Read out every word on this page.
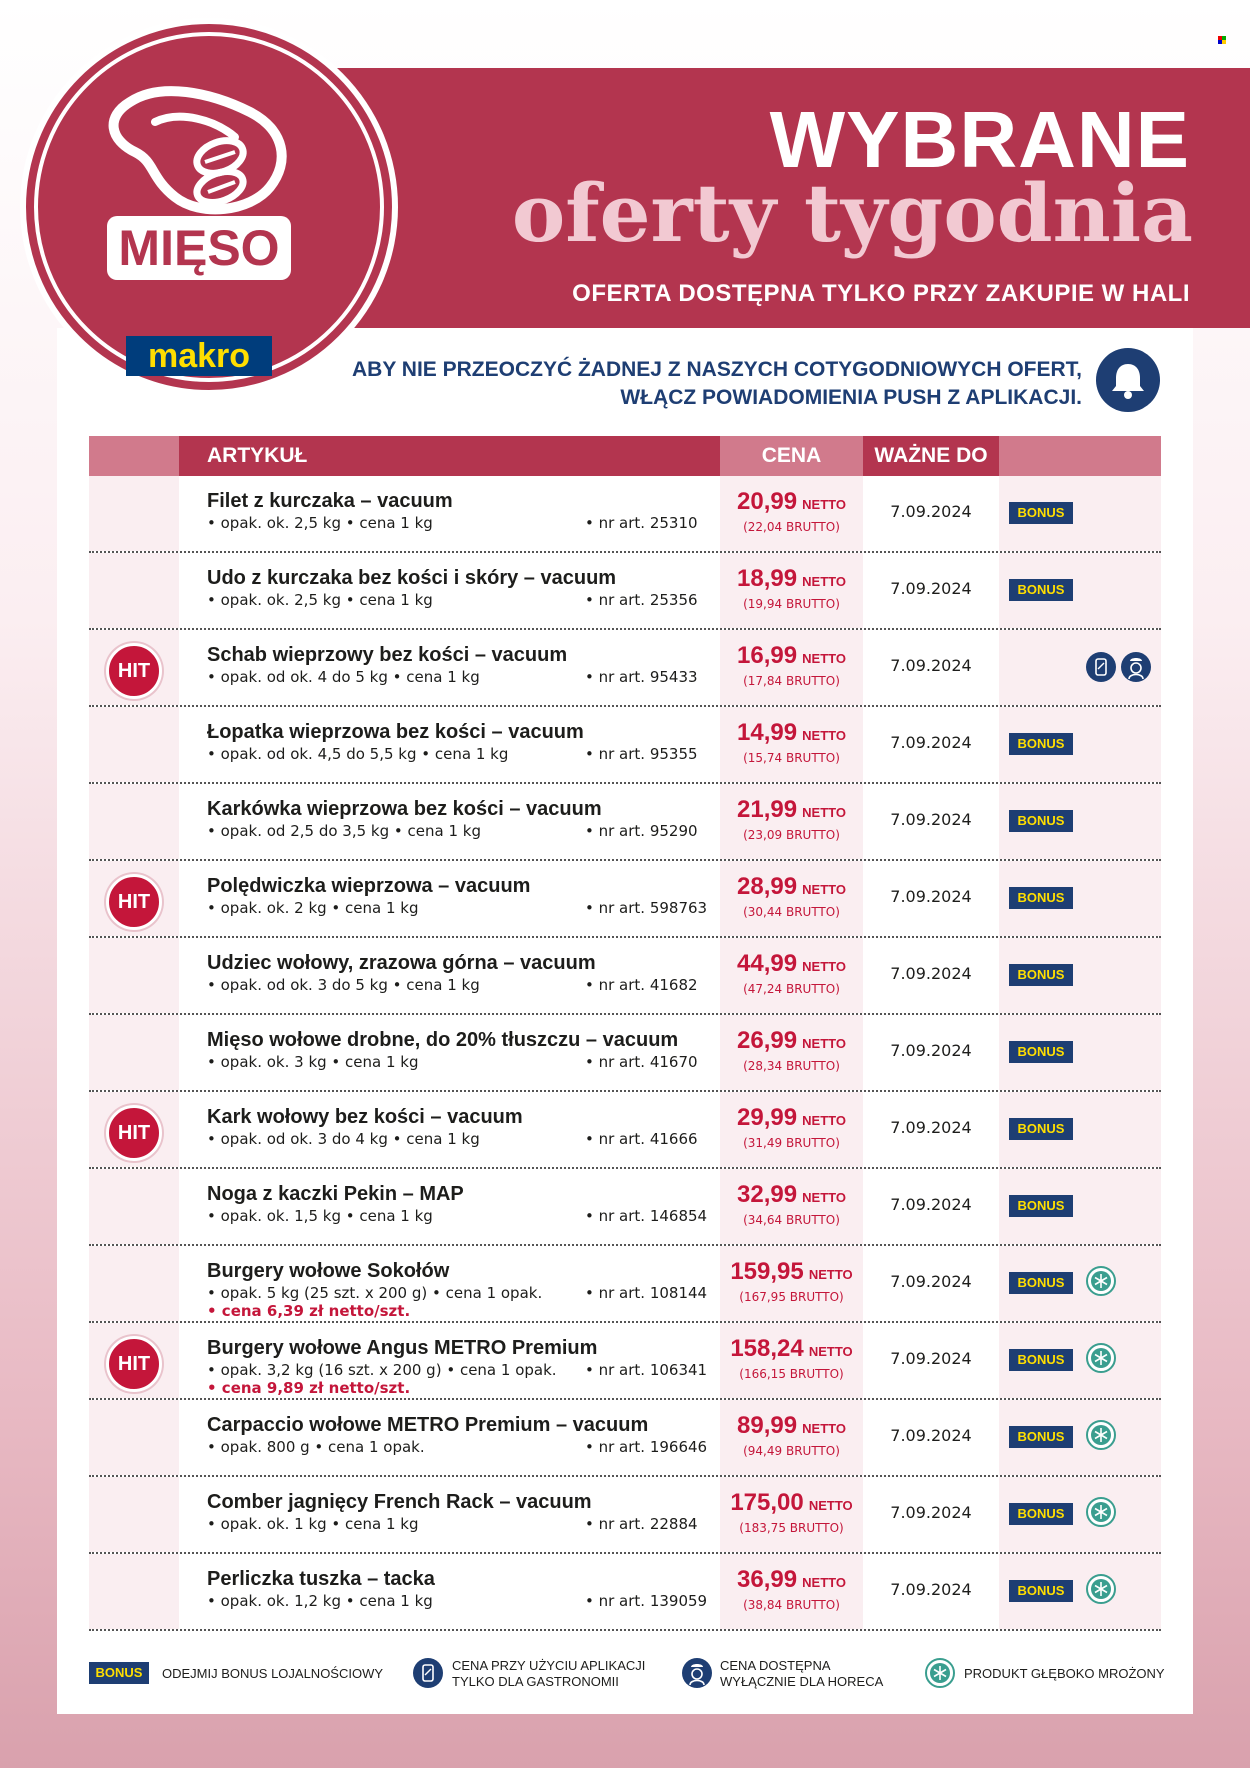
MIĘSO
makro
WYBRANE
oferty tygodnia
OFERTA DOSTĘPNA TYLKO PRZY ZAKUPIE W HALI
ABY NIE PRZEOCZYĆ ŻADNEJ Z NASZYCH COTYGODNIOWYCH OFERT,
WŁĄCZ POWIADOMIENIA PUSH Z APLIKACJI.
ARTYKUŁ	CENA	WAŻNE DO
Filet z kurczaka – vacuum
• opak. ok. 2,5 kg • cena 1 kg	• nr art. 25310
20,99 NETTO
(22,04 BRUTTO)
7.09.2024	BONUS
Udo z kurczaka bez kości i skóry – vacuum
• opak. ok. 2,5 kg • cena 1 kg	• nr art. 25356
18,99 NETTO
(19,94 BRUTTO)
7.09.2024	BONUS
HIT
Schab wieprzowy bez kości – vacuum
• opak. od ok. 4 do 5 kg • cena 1 kg	• nr art. 95433
16,99 NETTO
(17,84 BRUTTO)
7.09.2024
Łopatka wieprzowa bez kości – vacuum
• opak. od ok. 4,5 do 5,5 kg • cena 1 kg	• nr art. 95355
14,99 NETTO
(15,74 BRUTTO)
7.09.2024	BONUS
Karkówka wieprzowa bez kości – vacuum
• opak. od 2,5 do 3,5 kg • cena 1 kg	• nr art. 95290
21,99 NETTO
(23,09 BRUTTO)
7.09.2024	BONUS
HIT
Polędwiczka wieprzowa – vacuum
• opak. ok. 2 kg • cena 1 kg	• nr art. 598763
28,99 NETTO
(30,44 BRUTTO)
7.09.2024	BONUS
Udziec wołowy, zrazowa górna – vacuum
• opak. od ok. 3 do 5 kg • cena 1 kg	• nr art. 41682
44,99 NETTO
(47,24 BRUTTO)
7.09.2024	BONUS
Mięso wołowe drobne, do 20% tłuszczu – vacuum
• opak. ok. 3 kg • cena 1 kg	• nr art. 41670
26,99 NETTO
(28,34 BRUTTO)
7.09.2024	BONUS
HIT
Kark wołowy bez kości – vacuum
• opak. od ok. 3 do 4 kg • cena 1 kg	• nr art. 41666
29,99 NETTO
(31,49 BRUTTO)
7.09.2024	BONUS
Noga z kaczki Pekin – MAP
• opak. ok. 1,5 kg • cena 1 kg	• nr art. 146854
32,99 NETTO
(34,64 BRUTTO)
7.09.2024	BONUS
Burgery wołowe Sokołów
• opak. 5 kg (25 szt. x 200 g) • cena 1 opak.
• cena 6,39 zł netto/szt.
• nr art. 108144
159,95 NETTO
(167,95 BRUTTO)
7.09.2024	BONUS
HIT
Burgery wołowe Angus METRO Premium
• opak. 3,2 kg (16 szt. x 200 g) • cena 1 opak.
• cena 9,89 zł netto/szt.
• nr art. 106341
158,24 NETTO
(166,15 BRUTTO)
7.09.2024	BONUS
Carpaccio wołowe METRO Premium – vacuum
• opak. 800 g • cena 1 opak.	• nr art. 196646
89,99 NETTO
(94,49 BRUTTO)
7.09.2024	BONUS
Comber jagnięcy French Rack – vacuum
• opak. ok. 1 kg • cena 1 kg	• nr art. 22884
175,00 NETTO
(183,75 BRUTTO)
7.09.2024	BONUS
Perliczka tuszka – tacka
• opak. ok. 1,2 kg • cena 1 kg	• nr art. 139059
36,99 NETTO
(38,84 BRUTTO)
7.09.2024	BONUS
BONUS	ODEJMIJ BONUS LOJALNOŚCIOWY
CENA PRZY UŻYCIU APLIKACJI
TYLKO DLA GASTRONOMII
CENA DOSTĘPNA
WYŁĄCZNIE DLA HORECA
PRODUKT GŁĘBOKO MROŻONY
